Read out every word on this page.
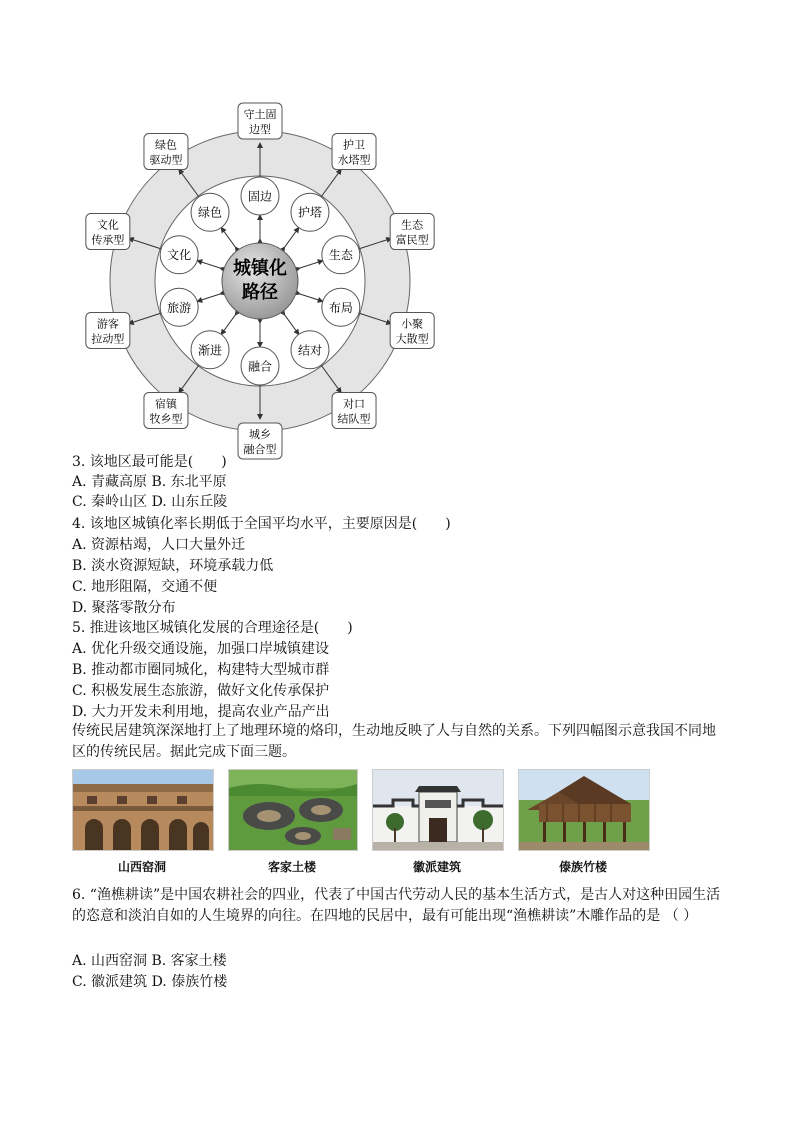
固边
护塔
生态
布局
结对
融合
渐进
旅游
文化
绿色
守土固
边型
护卫
水塔型
生态
富民型
小聚
大散型
对口
结队型
城乡
融合型
宿镇
牧乡型
游客
拉动型
文化
传承型
绿色
驱动型
城镇化
路径
3. 该地区最可能是(　　)
A. 青藏高原 B. 东北平原
C. 秦岭山区 D. 山东丘陵
4. 该地区城镇化率长期低于全国平均水平，主要原因是(　　)
A. 资源枯竭，人口大量外迁
B. 淡水资源短缺，环境承载力低
C. 地形阻隔，交通不便
D. 聚落零散分布
5. 推进该地区城镇化发展的合理途径是(　　)
A. 优化升级交通设施，加强口岸城镇建设
B. 推动都市圈同城化，构建特大型城市群
C. 积极发展生态旅游，做好文化传承保护
D. 大力开发未利用地，提高农业产品产出
传统民居建筑深深地打上了地理环境的烙印，生动地反映了人与自然的关系。下列四幅图示意我国不同地区的传统民居。据此完成下面三题。
山西窑洞	客家土楼	徽派建筑	傣族竹楼
6. “渔樵耕读”是中国农耕社会的四业，代表了中国古代劳动人民的基本生活方式，是古人对这种田园生活的恣意和淡泊自如的人生境界的向往。在四地的民居中，最有可能出现“渔樵耕读”木雕作品的是 （ ）
A. 山西窑洞 B. 客家土楼
C. 徽派建筑 D. 傣族竹楼
